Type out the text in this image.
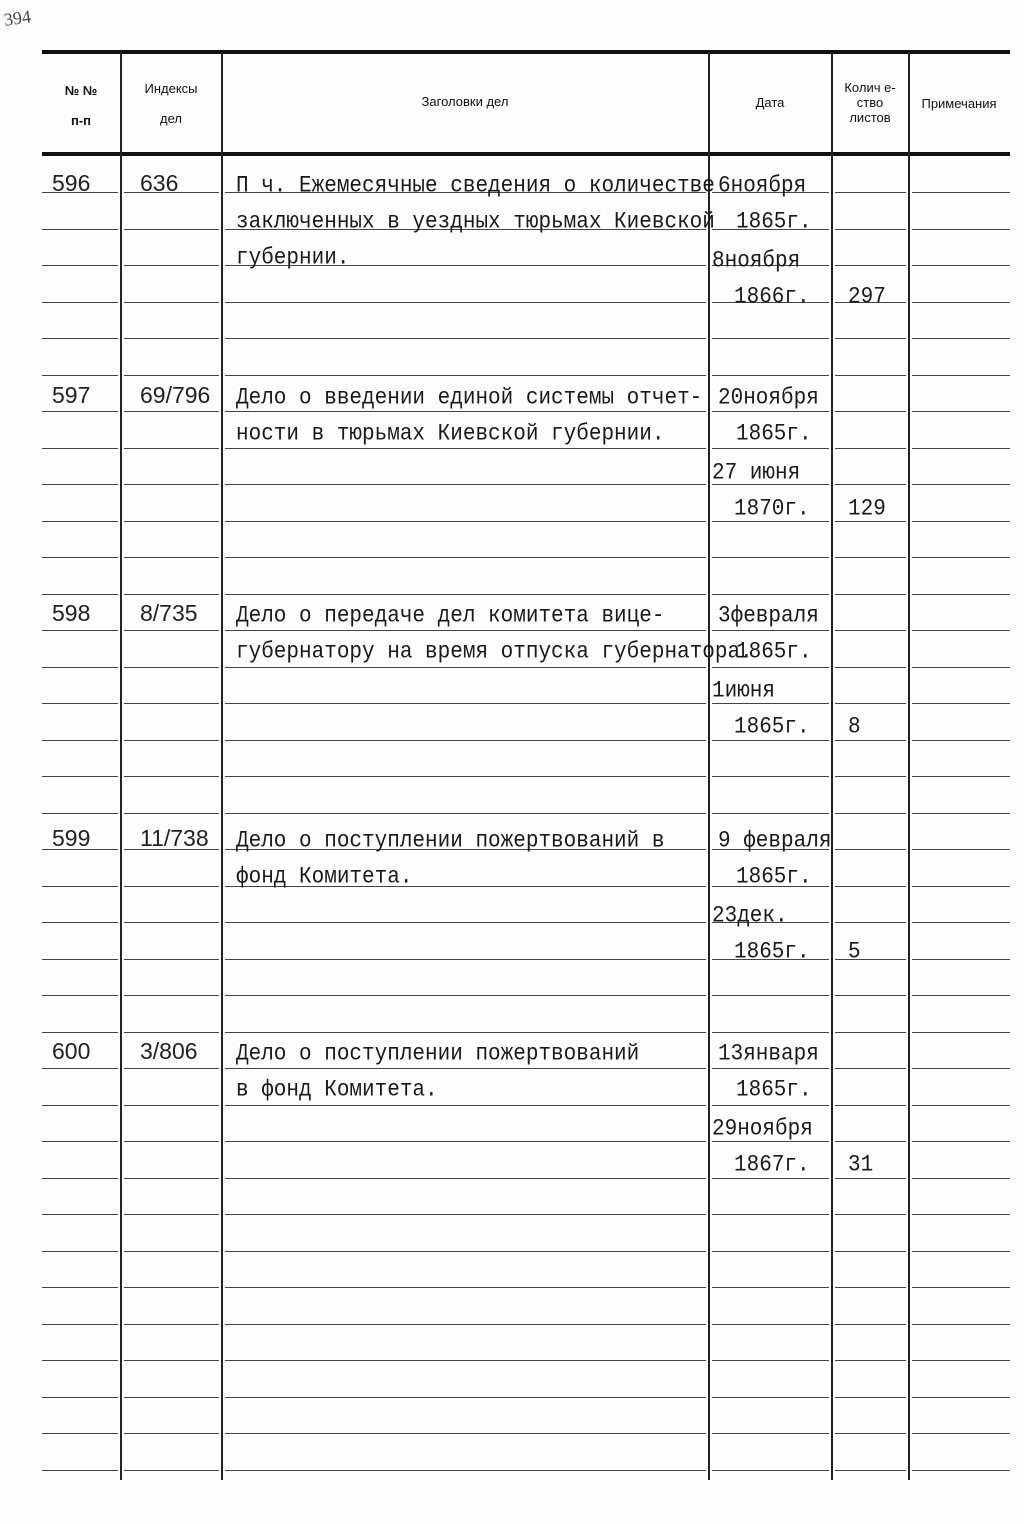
394
№ №
п-п
Индексы
дел
Заголовки дел	Дата
Колич е-
ство
листов
Примечания
596 636	П ч. Ежемесячные сведения о количестве
заключенных в уездных тюрьмах Киевской
губернии.
6ноября
1865г.
8ноября
1866г. 297
597 69/796 Дело о введении единой системы отчет-
ности в тюрьмах Киевской губернии.
20ноября
1865г.
27 июня
1870г. 129
598 8/735 Дело о передаче дел комитета вице-
губернатору на время отпуска губернатора.
3февраля
1865г.
1июня
1865г. 8
599 11/738 Дело о поступлении пожертвований в
фонд Комитета.
9 февраля
1865г.
23дек.
1865г. 5
600 3/806 Дело о поступлении пожертвований
в фонд Комитета.
13января
1865г.
29ноября
1867г. 31
